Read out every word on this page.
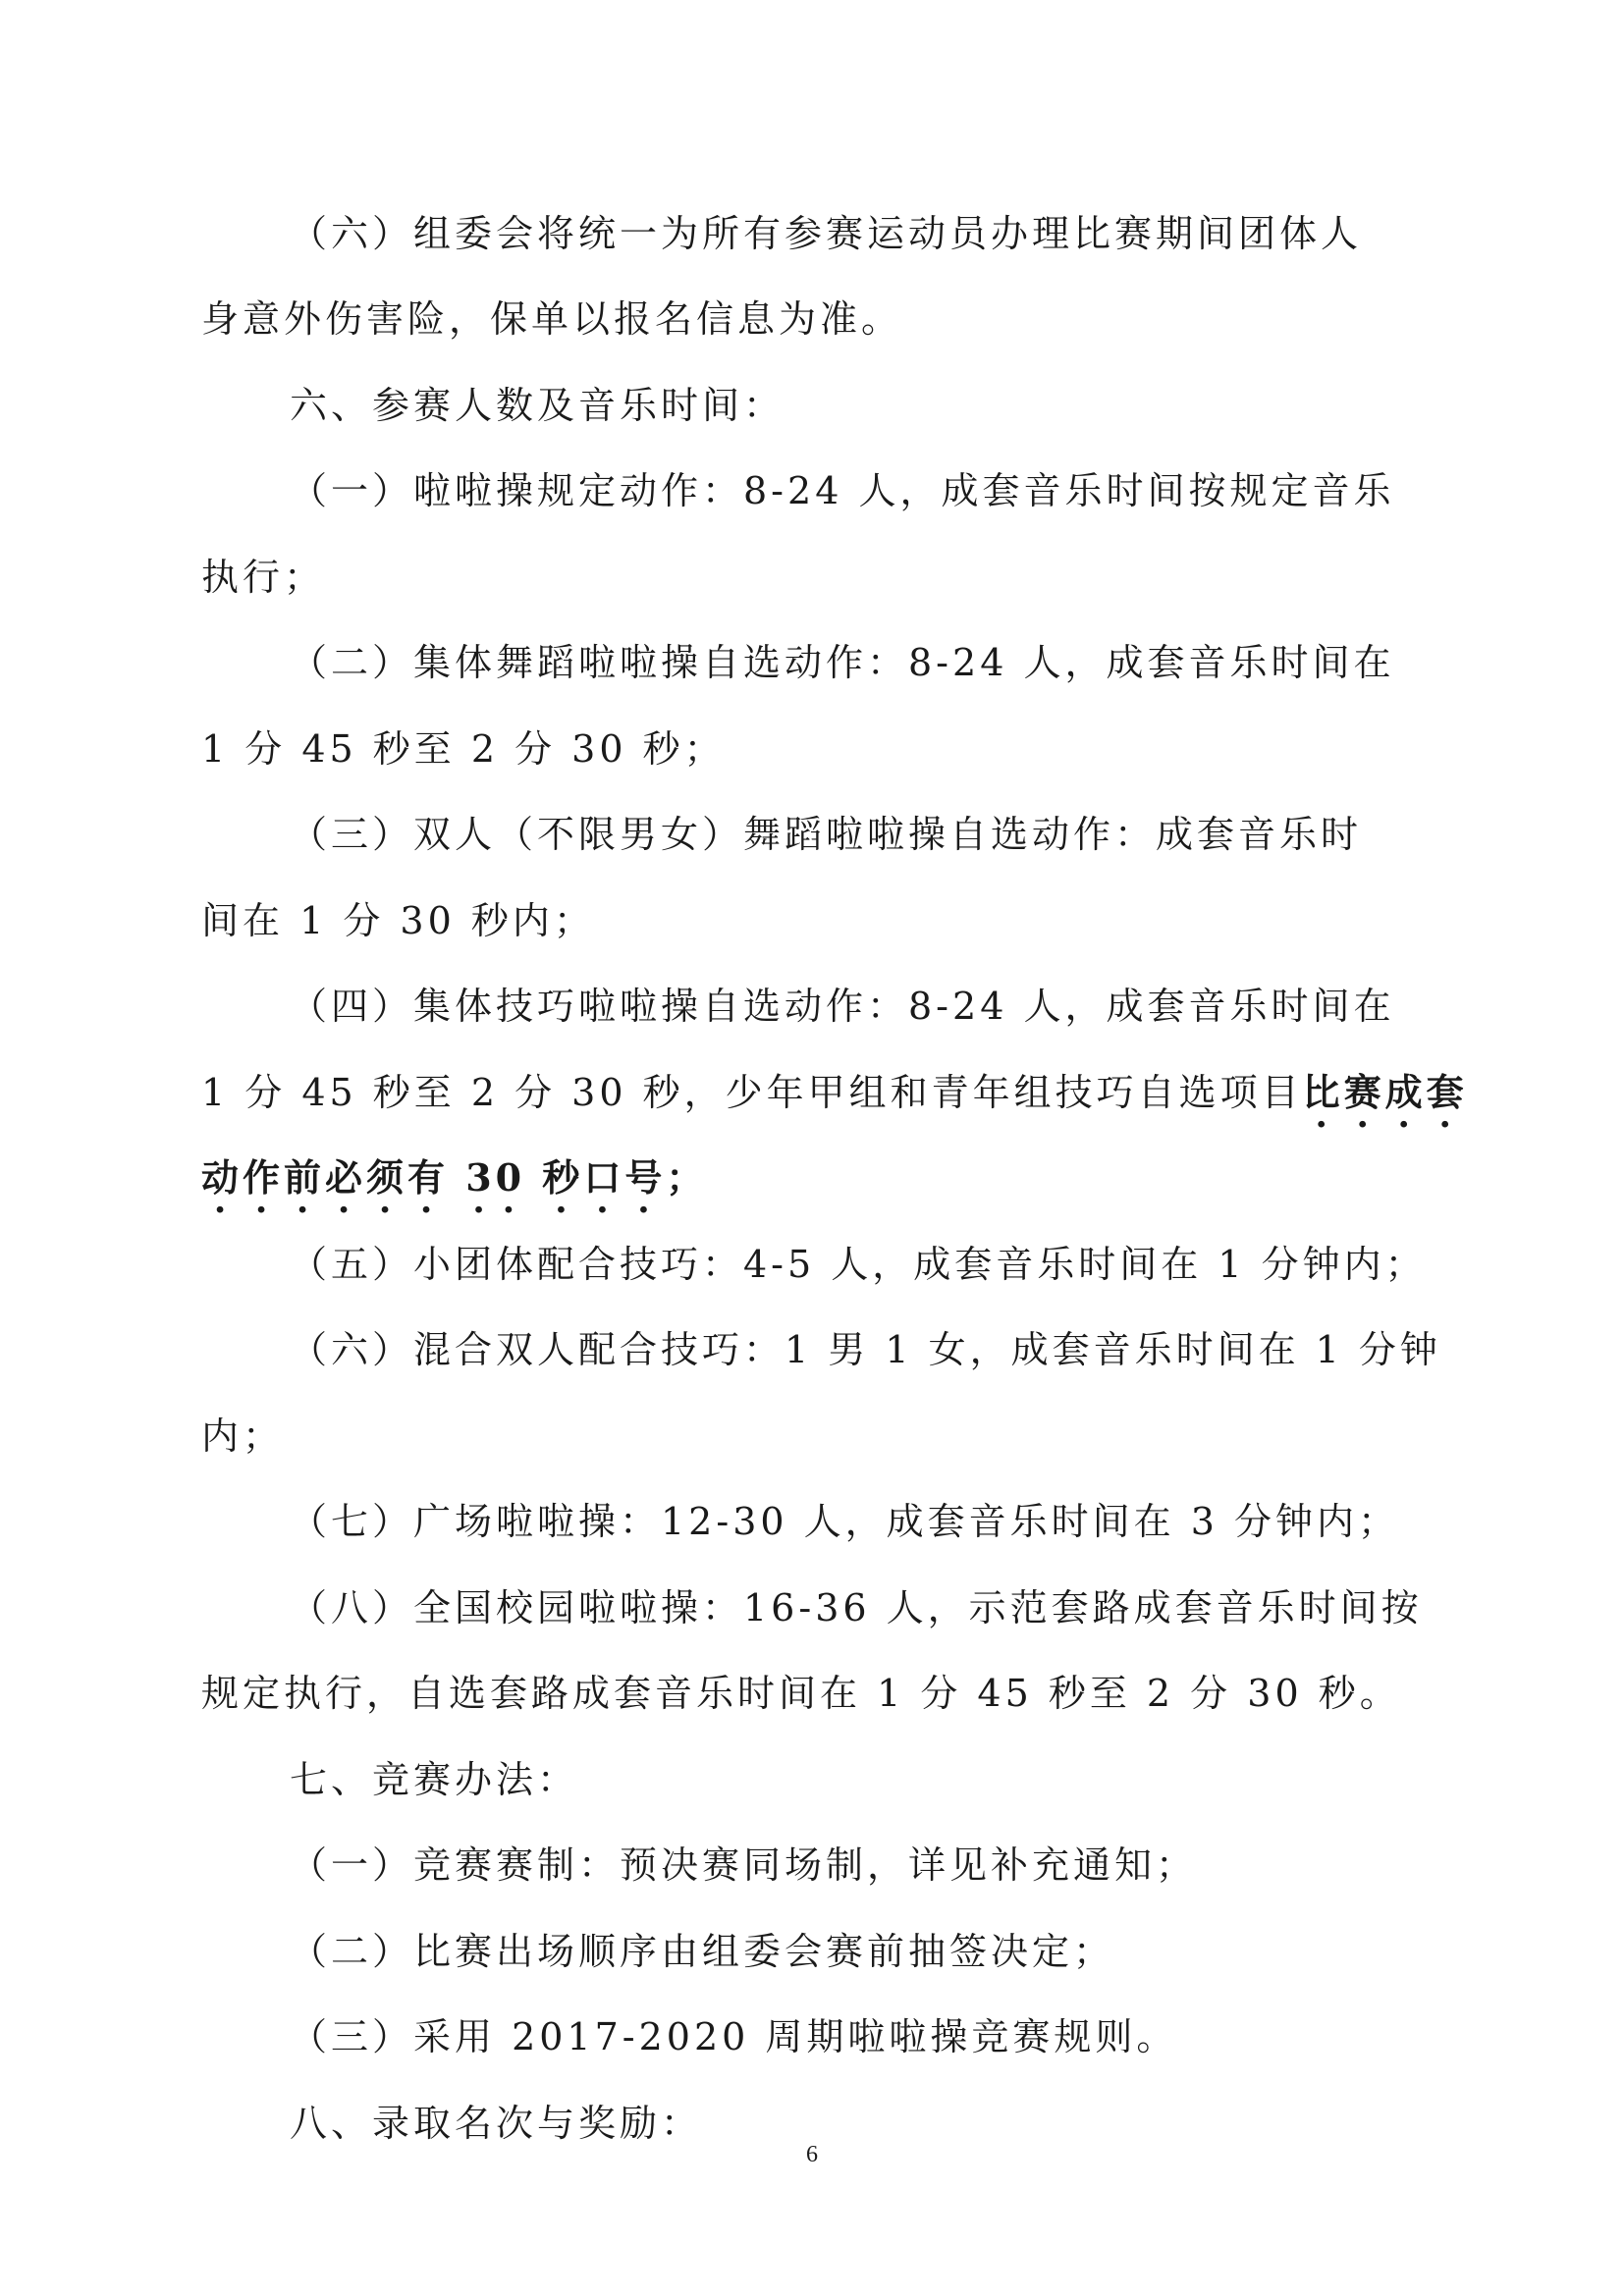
（六）组委会将统一为所有参赛运动员办理比赛期间团体人
身意外伤害险，保单以报名信息为准。
六、参赛人数及音乐时间：
（一）啦啦操规定动作：8-24 人，成套音乐时间按规定音乐
执行；
（二）集体舞蹈啦啦操自选动作：8-24 人，成套音乐时间在
1 分 45 秒至 2 分 30 秒；
（三）双人（不限男女）舞蹈啦啦操自选动作：成套音乐时
间在 1 分 30 秒内；
（四）集体技巧啦啦操自选动作：8-24 人，成套音乐时间在
1 分 45 秒至 2 分 30 秒，少年甲组和青年组技巧自选项目比赛成套
动作前必须有 30 秒口号；
（五）小团体配合技巧：4-5 人，成套音乐时间在 1 分钟内；
（六）混合双人配合技巧：1 男 1 女，成套音乐时间在 1 分钟
内；
（七）广场啦啦操：12-30 人，成套音乐时间在 3 分钟内；
（八）全国校园啦啦操：16-36 人，示范套路成套音乐时间按
规定执行，自选套路成套音乐时间在 1 分 45 秒至 2 分 30 秒。
七、竞赛办法：
（一）竞赛赛制：预决赛同场制，详见补充通知；
（二）比赛出场顺序由组委会赛前抽签决定；
（三）采用 2017-2020 周期啦啦操竞赛规则。
八、录取名次与奖励：
6
